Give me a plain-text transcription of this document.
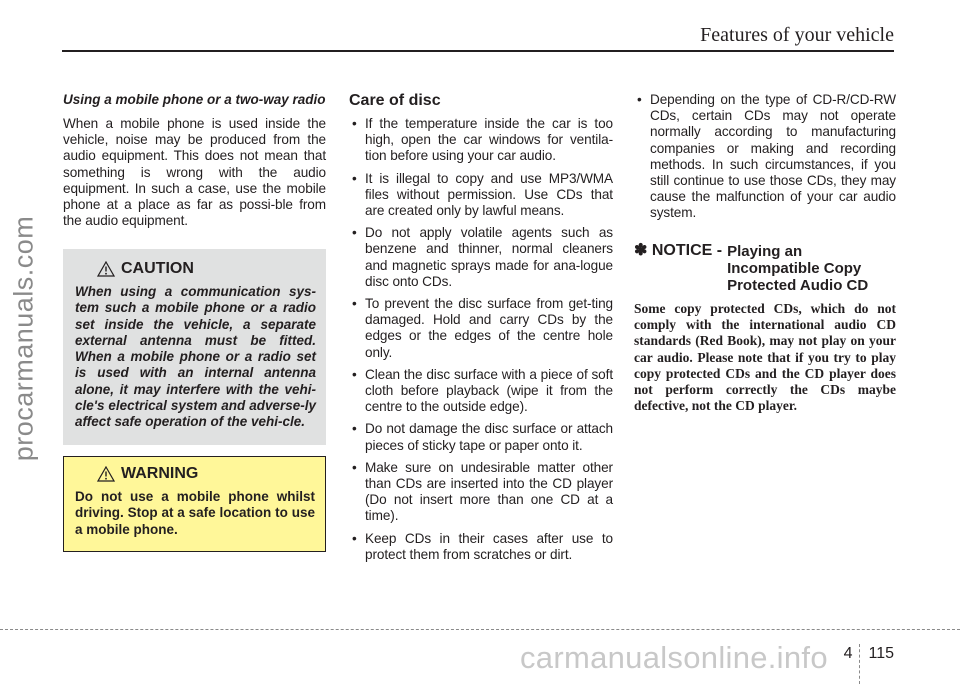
procarmanuals.com
Features of your vehicle
Using a mobile phone or a two-way radio

When a mobile phone is used inside the vehicle, noise may be produced from the audio equipment. This does not mean that something is wrong with the audio equipment. In such a case, use the mobile phone at a place as far as possi-ble from the audio equipment.

CAUTION

When using a communication sys-tem such a mobile phone or a radio set inside the vehicle, a separate external antenna must be fitted. When a mobile phone or a radio set is used with an internal antenna alone, it may interfere with the vehi-cle's electrical system and adverse-ly affect safe operation of the vehi-cle.

WARNING

Do not use a mobile phone whilst driving. Stop at a safe location to use a mobile phone.

Care of disc
• If the temperature inside the car is too high, open the car windows for ventila-tion before using your car audio.
• It is illegal to copy and use MP3/WMA files without permission. Use CDs that are created only by lawful means.
• Do not apply volatile agents such as benzene and thinner, normal cleaners and magnetic sprays made for ana-logue disc onto CDs.
• To prevent the disc surface from get-ting damaged. Hold and carry CDs by the edges or the edges of the centre hole only.
• Clean the disc surface with a piece of soft cloth before playback (wipe it from the centre to the outside edge).
• Do not damage the disc surface or attach pieces of sticky tape or paper onto it.
• Make sure on undesirable matter other than CDs are inserted into the CD player (Do not insert more than one CD at a time).
• Keep CDs in their cases after use to protect them from scratches or dirt.
• Depending on the type of CD-R/CD-RW CDs, certain CDs may not operate normally according to manufacturing companies or making and recording methods. In such circumstances, if you still continue to use those CDs, they may cause the malfunction of your car audio system.
✽ NOTICE - Playing an
Incompatible Copy
Protected Audio CD

Some copy protected CDs, which do not comply with the international audio CD standards (Red Book), may not play on your car audio. Please note that if you try to play copy protected CDs and the CD player does not perform correctly the CDs maybe defective, not the CD player.

carmanualsonline.info 4 115
